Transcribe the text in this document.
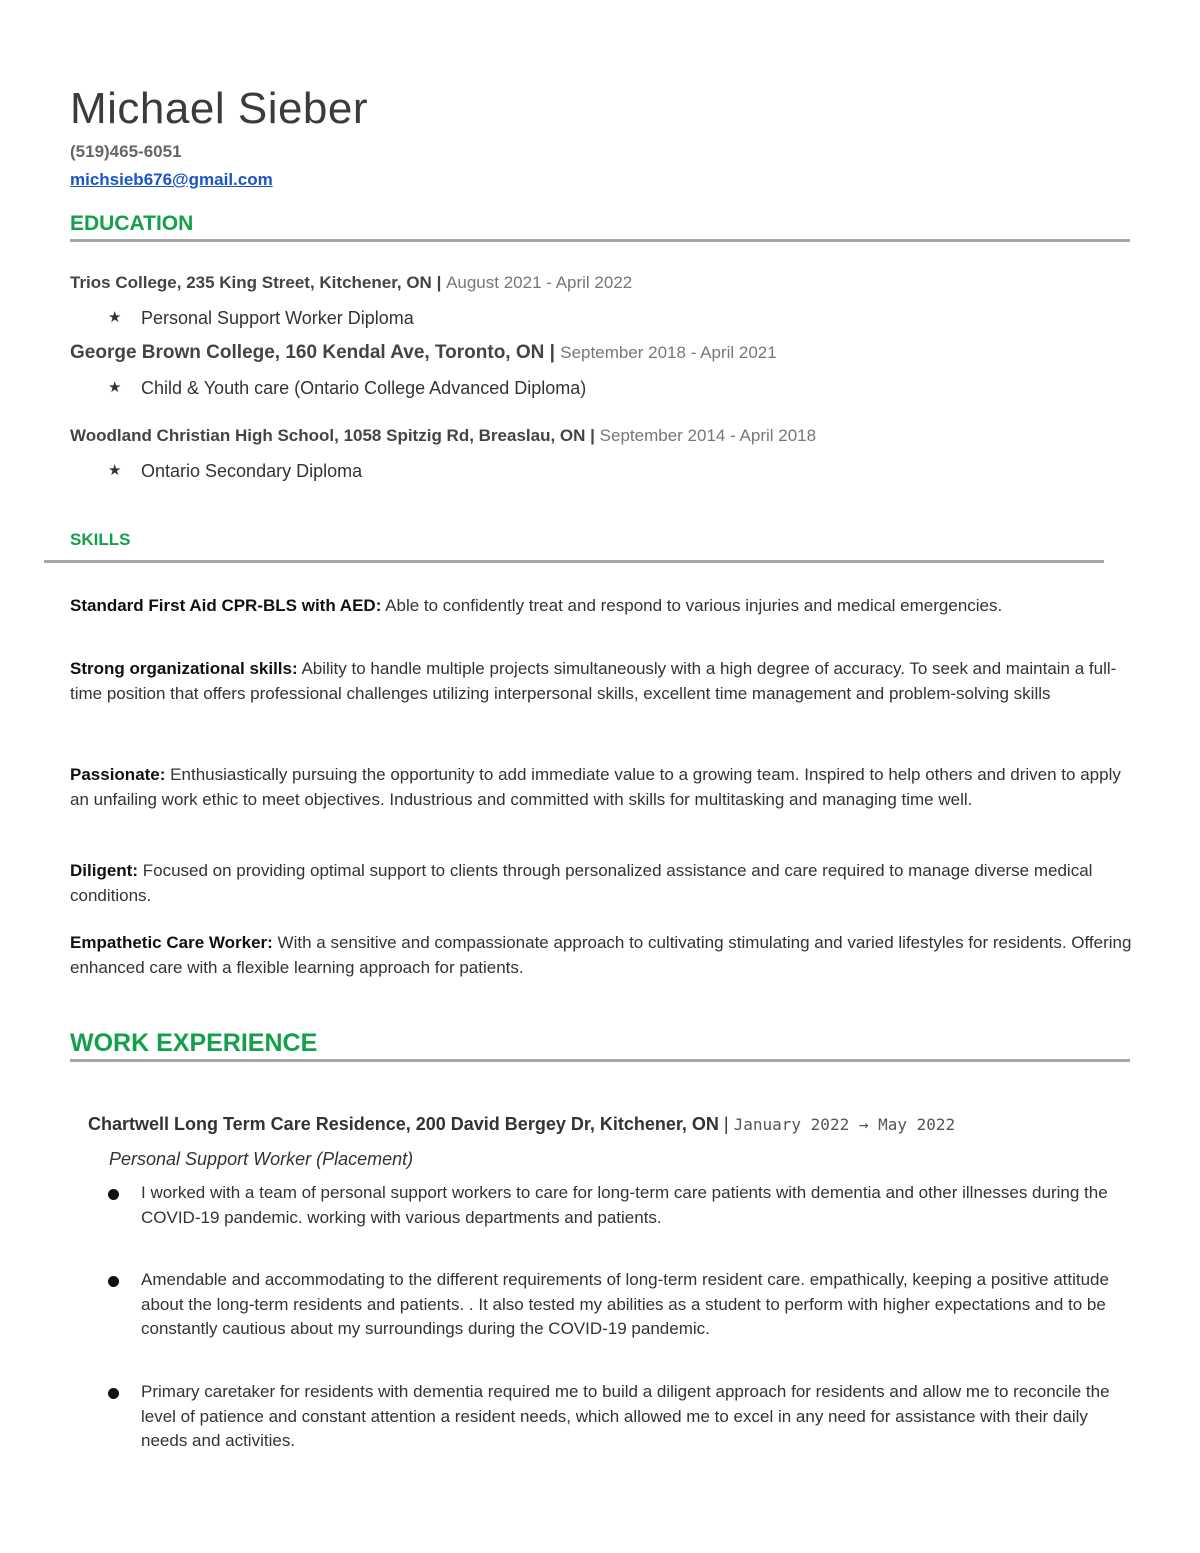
Michael Sieber
(519)465-6051
michsieb676@gmail.com
EDUCATION
Trios College, 235 King Street, Kitchener, ON | August 2021 - April 2022
★ Personal Support Worker Diploma
George Brown College, 160 Kendal Ave, Toronto, ON | September 2018 - April 2021
★ Child & Youth care (Ontario College Advanced Diploma)
Woodland Christian High School, 1058 Spitzig Rd, Breaslau, ON | September 2014 - April 2018
★ Ontario Secondary Diploma
SKILLS
Standard First Aid CPR-BLS with AED: Able to confidently treat and respond to various injuries and medical emergencies.
Strong organizational skills: Ability to handle multiple projects simultaneously with a high degree of accuracy. To seek and maintain a full-time position that offers professional challenges utilizing interpersonal skills, excellent time management and problem-solving skills
Passionate: Enthusiastically pursuing the opportunity to add immediate value to a growing team. Inspired to help others and driven to apply an unfailing work ethic to meet objectives. Industrious and committed with skills for multitasking and managing time well.
Diligent: Focused on providing optimal support to clients through personalized assistance and care required to manage diverse medical conditions.
Empathetic Care Worker: With a sensitive and compassionate approach to cultivating stimulating and varied lifestyles for residents. Offering enhanced care with a flexible learning approach for patients.
WORK EXPERIENCE
Chartwell Long Term Care Residence, 200 David Bergey Dr, Kitchener, ON | January 2022 → May 2022
Personal Support Worker (Placement)
I worked with a team of personal support workers to care for long-term care patients with dementia and other illnesses during the COVID-19 pandemic. working with various departments and patients.
Amendable and accommodating to the different requirements of long-term resident care. empathically, keeping a positive attitude about the long-term residents and patients. . It also tested my abilities as a student to perform with higher expectations and to be constantly cautious about my surroundings during the COVID-19 pandemic.
Primary caretaker for residents with dementia required me to build a diligent approach for residents and allow me to reconcile the level of patience and constant attention a resident needs, which allowed me to excel in any need for assistance with their daily needs and activities.
